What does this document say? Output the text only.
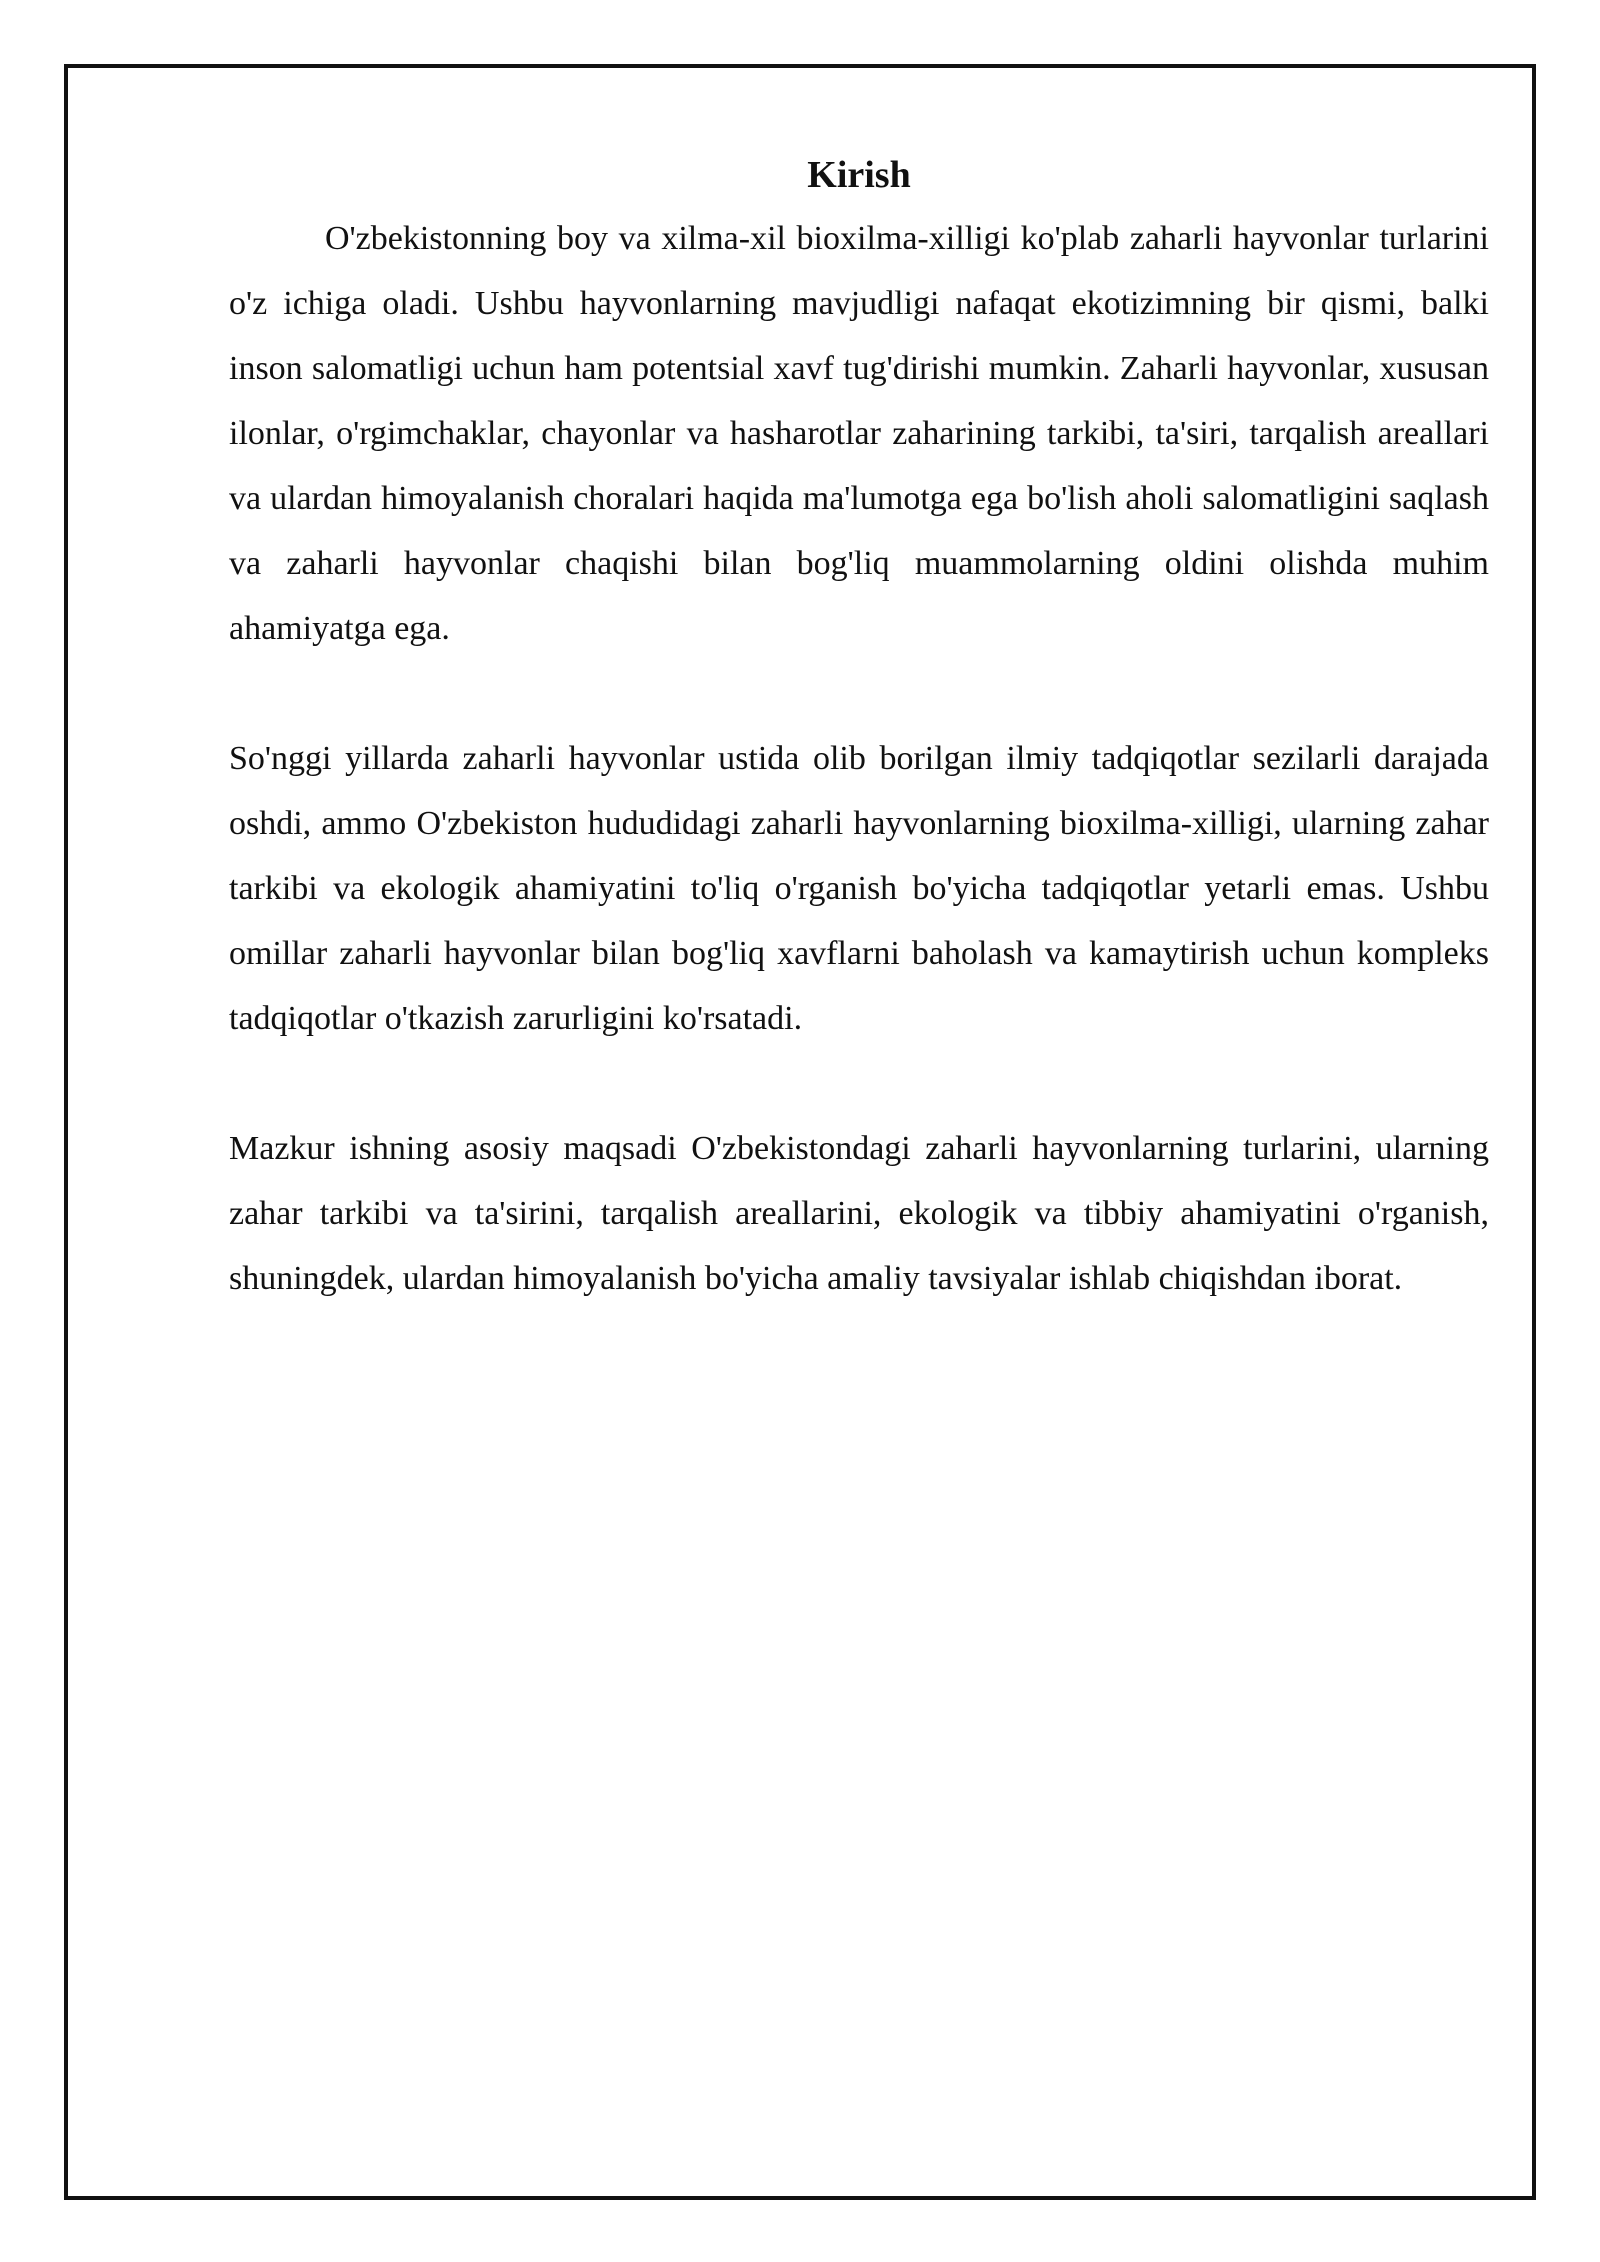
Kirish

O'zbekistonning boy va xilma-xil bioxilma-xilligi ko'plab zaharli hayvonlar turlarini o'z ichiga oladi. Ushbu hayvonlarning mavjudligi nafaqat ekotizimning bir qismi, balki inson salomatligi uchun ham potentsial xavf tug'dirishi mumkin. Zaharli hayvonlar, xususan ilonlar, o'rgimchaklar, chayonlar va hasharotlar zaharining tarkibi, ta'siri, tarqalish areallari va ulardan himoyalanish choralari haqida ma'lumotga ega bo'lish aholi salomatligini saqlash va zaharli hayvonlar chaqishi bilan bog'liq muammolarning oldini olishda muhim ahamiyatga ega.

So'nggi yillarda zaharli hayvonlar ustida olib borilgan ilmiy tadqiqotlar sezilarli darajada oshdi, ammo O'zbekiston hududidagi zaharli hayvonlarning bioxilma-xilligi, ularning zahar tarkibi va ekologik ahamiyatini to'liq o'rganish bo'yicha tadqiqotlar yetarli emas. Ushbu omillar zaharli hayvonlar bilan bog'liq xavflarni baholash va kamaytirish uchun kompleks tadqiqotlar o'tkazish zarurligini ko'rsatadi.

Mazkur ishning asosiy maqsadi O'zbekistondagi zaharli hayvonlarning turlarini, ularning zahar tarkibi va ta'sirini, tarqalish areallarini, ekologik va tibbiy ahamiyatini o'rganish, shuningdek, ulardan himoyalanish bo'yicha amaliy tavsiyalar ishlab chiqishdan iborat.
